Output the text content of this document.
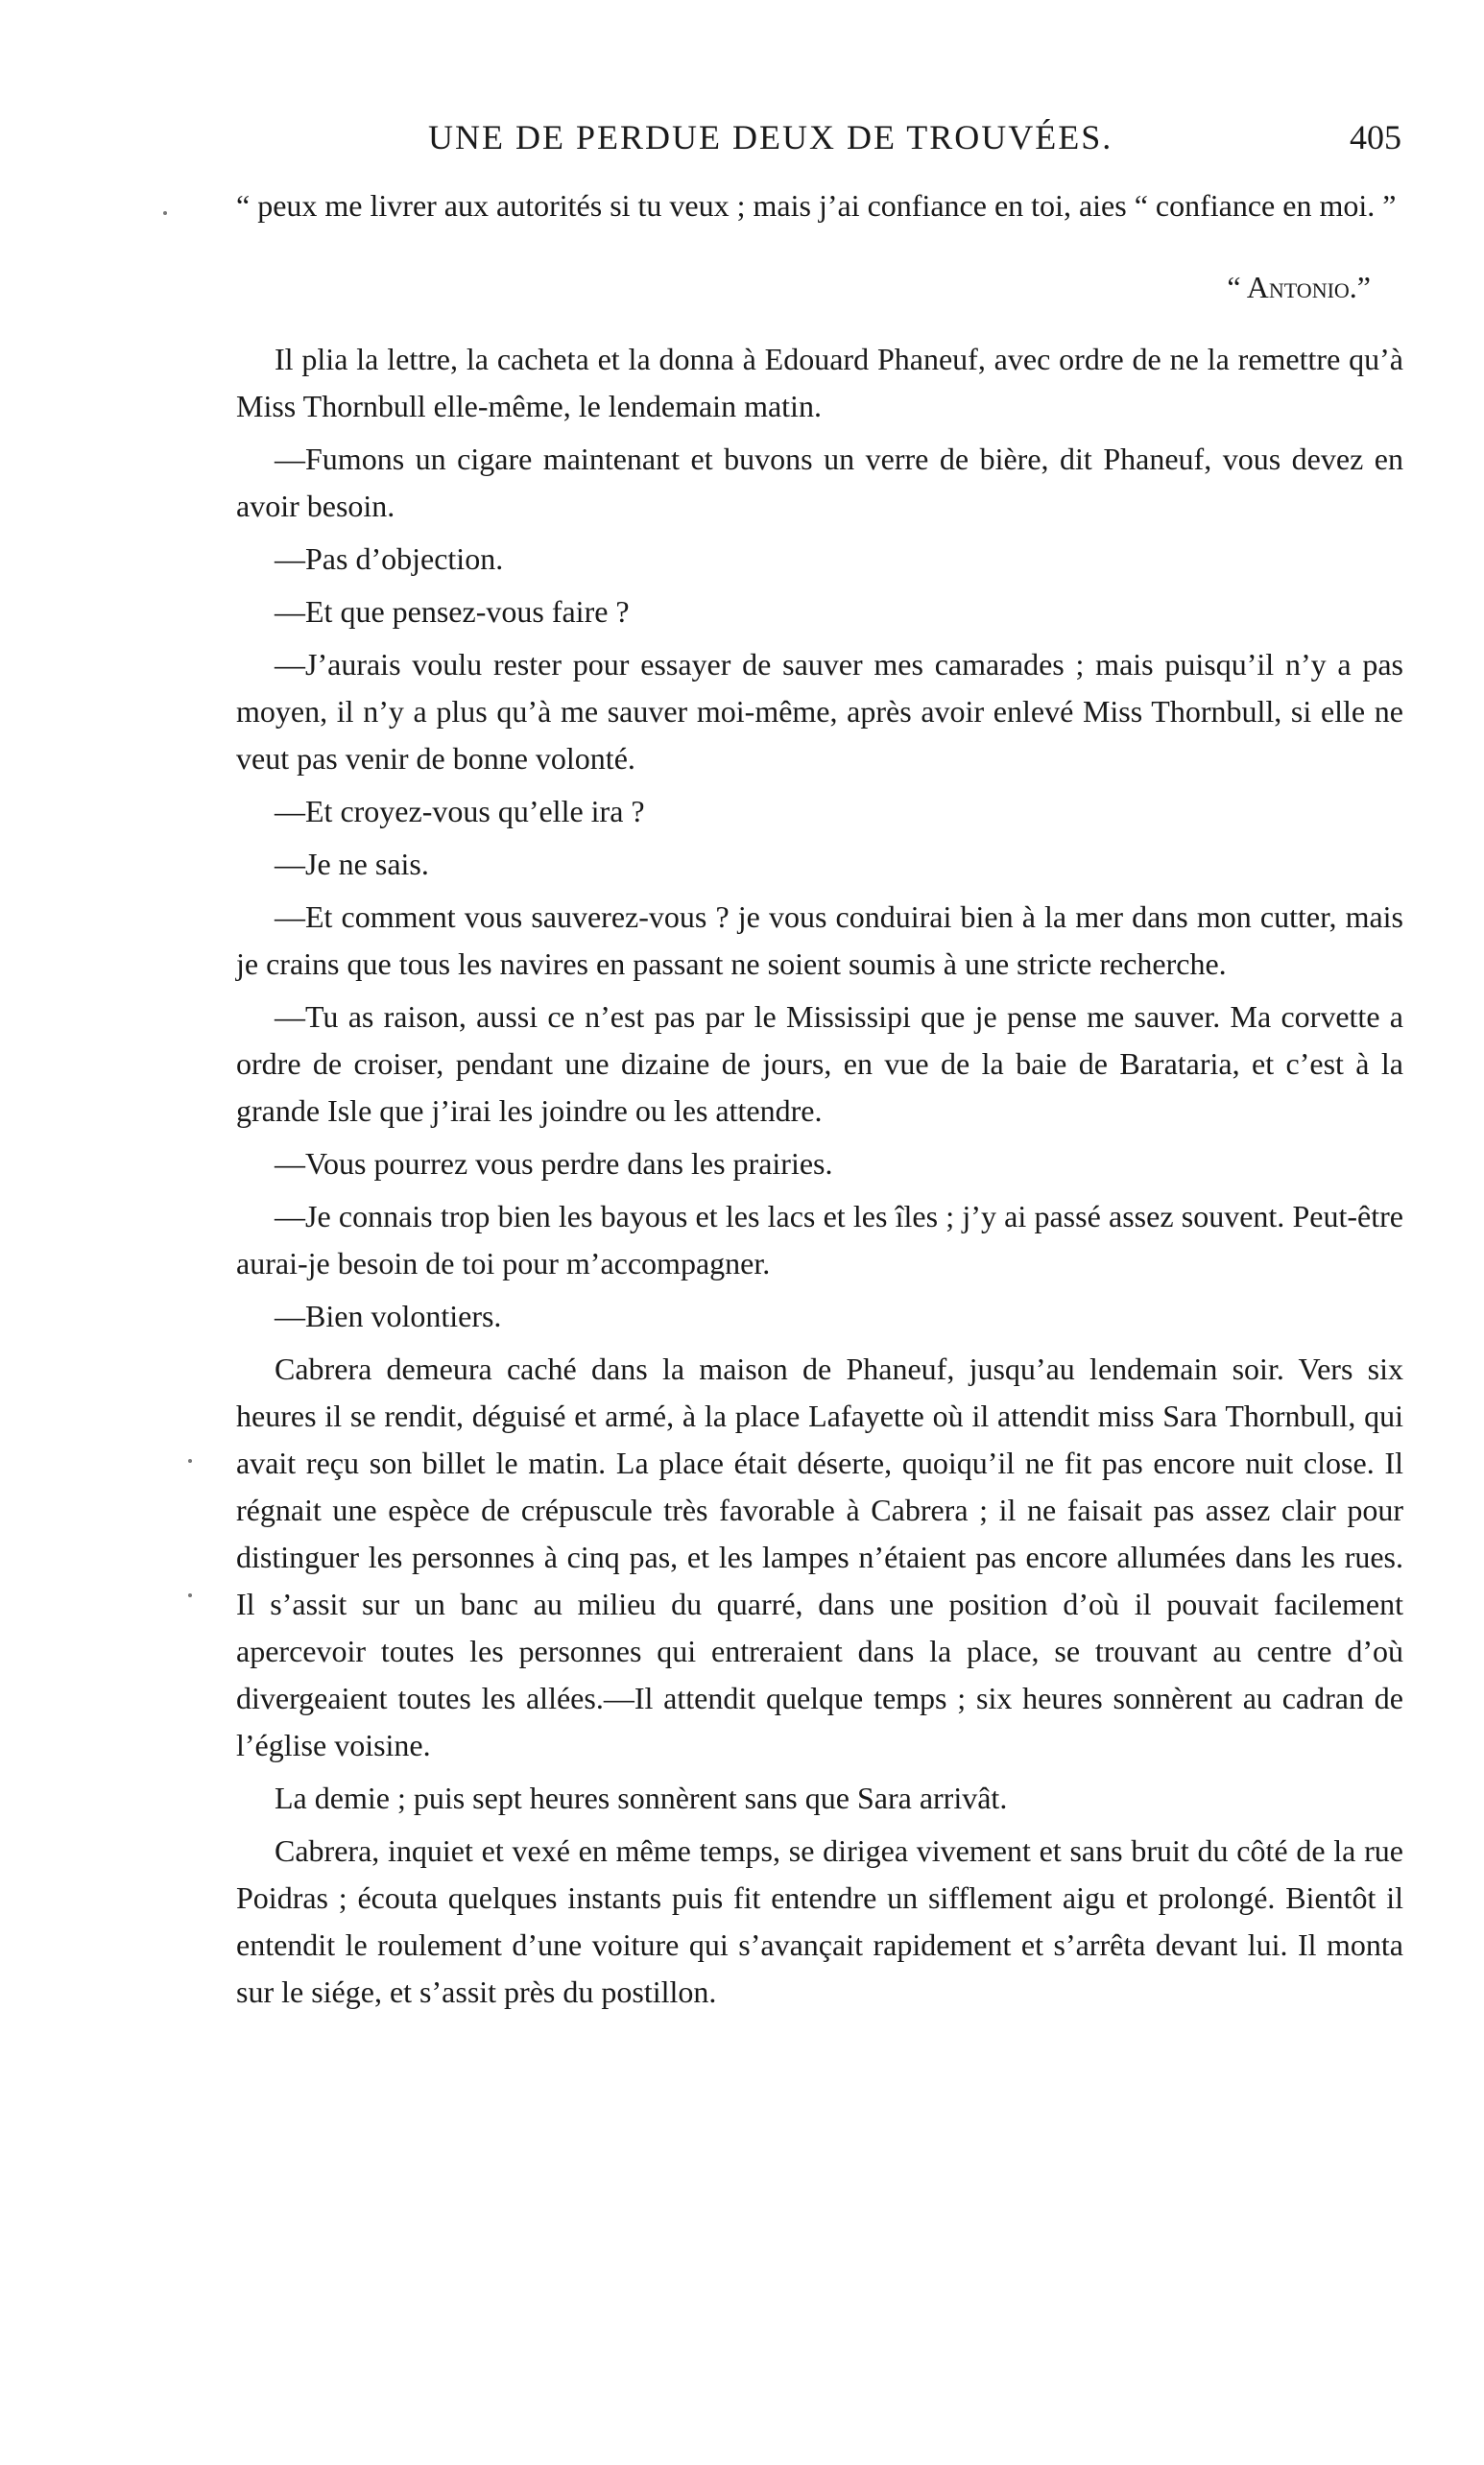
UNE DE PERDUE DEUX DE TROUVÉES.	405

“ peux me livrer aux autorités si tu veux ; mais j’ai confiance en toi, aies “ confiance en moi. ”

“ Antonio.”

Il plia la lettre, la cacheta et la donna à Edouard Phaneuf, avec ordre de ne la remettre qu’à Miss Thornbull elle-même, le lendemain matin.

—Fumons un cigare maintenant et buvons un verre de bière, dit Phaneuf, vous devez en avoir besoin.

—Pas d’objection.

—Et que pensez-vous faire ?

—J’aurais voulu rester pour essayer de sauver mes camarades ; mais puisqu’il n’y a pas moyen, il n’y a plus qu’à me sauver moi-même, après avoir enlevé Miss Thornbull, si elle ne veut pas venir de bonne volonté.

—Et croyez-vous qu’elle ira ?

—Je ne sais.

—Et comment vous sauverez-vous ? je vous conduirai bien à la mer dans mon cutter, mais je crains que tous les navires en passant ne soient soumis à une stricte recherche.

—Tu as raison, aussi ce n’est pas par le Mississipi que je pense me sauver. Ma corvette a ordre de croiser, pendant une dizaine de jours, en vue de la baie de Barataria, et c’est à la grande Isle que j’irai les joindre ou les attendre.

—Vous pourrez vous perdre dans les prairies.

—Je connais trop bien les bayous et les lacs et les îles ; j’y ai passé assez souvent. Peut-être aurai-je besoin de toi pour m’accompagner.

—Bien volontiers.

Cabrera demeura caché dans la maison de Phaneuf, jusqu’au lendemain soir. Vers six heures il se rendit, déguisé et armé, à la place Lafayette où il attendit miss Sara Thornbull, qui avait reçu son billet le matin. La place était déserte, quoiqu’il ne fit pas encore nuit close. Il régnait une espèce de crépuscule très favorable à Cabrera ; il ne faisait pas assez clair pour distinguer les personnes à cinq pas, et les lampes n’étaient pas encore allumées dans les rues. Il s’assit sur un banc au milieu du quarré, dans une position d’où il pouvait facilement apercevoir toutes les personnes qui entreraient dans la place, se trouvant au centre d’où divergeaient toutes les allées.—Il attendit quelque temps ; six heures sonnèrent au cadran de l’église voisine.

La demie ; puis sept heures sonnèrent sans que Sara arrivât.

Cabrera, inquiet et vexé en même temps, se dirigea vivement et sans bruit du côté de la rue Poidras ; écouta quelques instants puis fit entendre un sifflement aigu et prolongé. Bientôt il entendit le roulement d’une voiture qui s’avançait rapidement et s’arrêta devant lui. Il monta sur le siége, et s’assit près du postillon.
